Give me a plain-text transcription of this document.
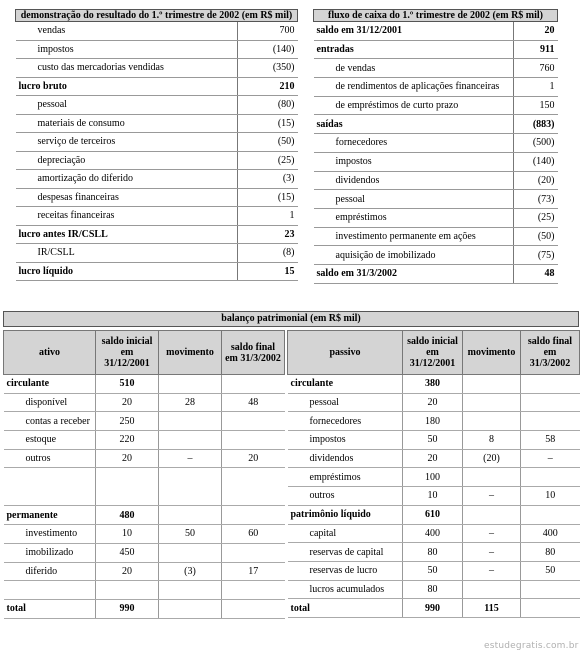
demonstração do resultado do 1.º trimestre de 2002 (em R$ mil)	
vendas	700
impostos	(140)
custo das mercadorias vendidas	(350)
lucro bruto	210
pessoal	(80)
materiais de consumo	(15)
serviço de terceiros	(50)
depreciação	(25)
amortização do diferido	(3)
despesas financeiras	(15)
receitas financeiras	1
lucro antes IR/CSLL	23
IR/CSLL	(8)
lucro líquido	15
fluxo de caixa do 1.º trimestre de 2002 (em R$ mil)	
saldo em 31/12/2001	20
entradas	911
de vendas	760
de rendimentos de aplicações financeiras	1
de empréstimos de curto prazo	150
saídas	(883)
fornecedores	(500)
impostos	(140)
dividendos	(20)
pessoal	(73)
empréstimos	(25)
investimento permanente em ações	(50)
aquisição de imobilizado	(75)
saldo em 31/3/2002	48
balanço patrimonial (em R$ mil)
ativo	saldo inicial em 31/12/2001	movimento	saldo final em 31/3/2002
circulante	510		
disponível	20	28	48
contas a receber	250		
estoque	220		
outros	20	–	20

permanente	480		
investimento	10	50	60
imobilizado	450		
diferido	20	(3)	17

total	990		
passivo	saldo inicial em 31/12/2001	movimento	saldo final em 31/3/2002
circulante	380		
pessoal	20		
fornecedores	180		
impostos	50	8	58
dividendos	20	(20)	–
empréstimos	100		
outros	10	–	10
patrimônio líquido	610		
capital	400	–	400
reservas de capital	80	–	80
reservas de lucro	50	–	50
lucros acumulados	80		
total	990	115	
estudegratis.com.br
